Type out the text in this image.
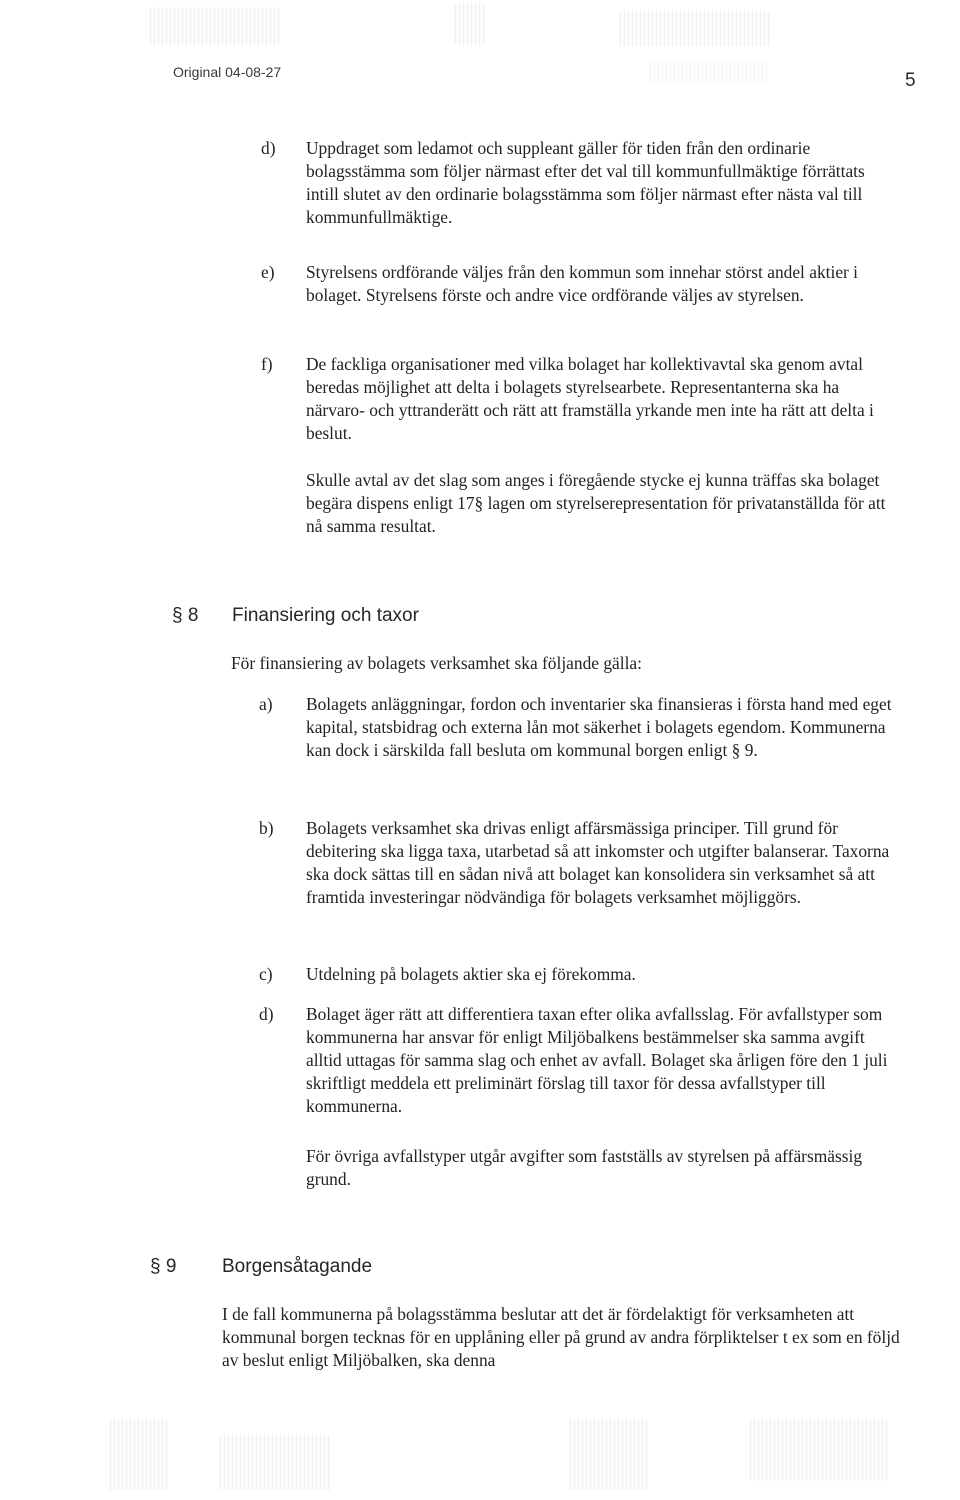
Original 04-08-27	5
d) Uppdraget som ledamot och suppleant gäller för tiden från den ordinarie bolagsstämma som följer närmast efter det val till kommunfullmäktige förrättats intill slutet av den ordinarie bolagsstämma som följer närmast efter nästa val till kommunfullmäktige.
e) Styrelsens ordförande väljes från den kommun som innehar störst andel aktier i bolaget. Styrelsens förste och andre vice ordförande väljes av styrelsen.
f) De fackliga organisationer med vilka bolaget har kollektivavtal ska genom avtal beredas möjlighet att delta i bolagets styrelsearbete. Representanterna ska ha närvaro- och yttranderätt och rätt att framställa yrkande men inte ha rätt att delta i beslut.
Skulle avtal av det slag som anges i föregående stycke ej kunna träffas ska bolaget begära dispens enligt 17§ lagen om styrelserepresentation för privatanställda för att nå samma resultat.
§ 8 Finansiering och taxor
För finansiering av bolagets verksamhet ska följande gälla:
a) Bolagets anläggningar, fordon och inventarier ska finansieras i första hand med eget kapital, statsbidrag och externa lån mot säkerhet i bolagets egendom. Kommunerna kan dock i särskilda fall besluta om kommunal borgen enligt § 9.
b) Bolagets verksamhet ska drivas enligt affärsmässiga principer. Till grund för debitering ska ligga taxa, utarbetad så att inkomster och utgifter balanserar. Taxorna ska dock sättas till en sådan nivå att bolaget kan konsolidera sin verksamhet så att framtida investeringar nödvändiga för bolagets verksamhet möjliggörs.
c) Utdelning på bolagets aktier ska ej förekomma.
d) Bolaget äger rätt att differentiera taxan efter olika avfallsslag. För avfallstyper som kommunerna har ansvar för enligt Miljöbalkens bestämmelser ska samma avgift alltid uttagas för samma slag och enhet av avfall. Bolaget ska årligen före den 1 juli skriftligt meddela ett preliminärt förslag till taxor för dessa avfallstyper till kommunerna.
För övriga avfallstyper utgår avgifter som fastställs av styrelsen på affärsmässig grund.
§ 9 Borgensåtagande
I de fall kommunerna på bolagsstämma beslutar att det är fördelaktigt för verksamheten att kommunal borgen tecknas för en upplåning eller på grund av andra förpliktelser t ex som en följd av beslut enligt Miljöbalken, ska denna
